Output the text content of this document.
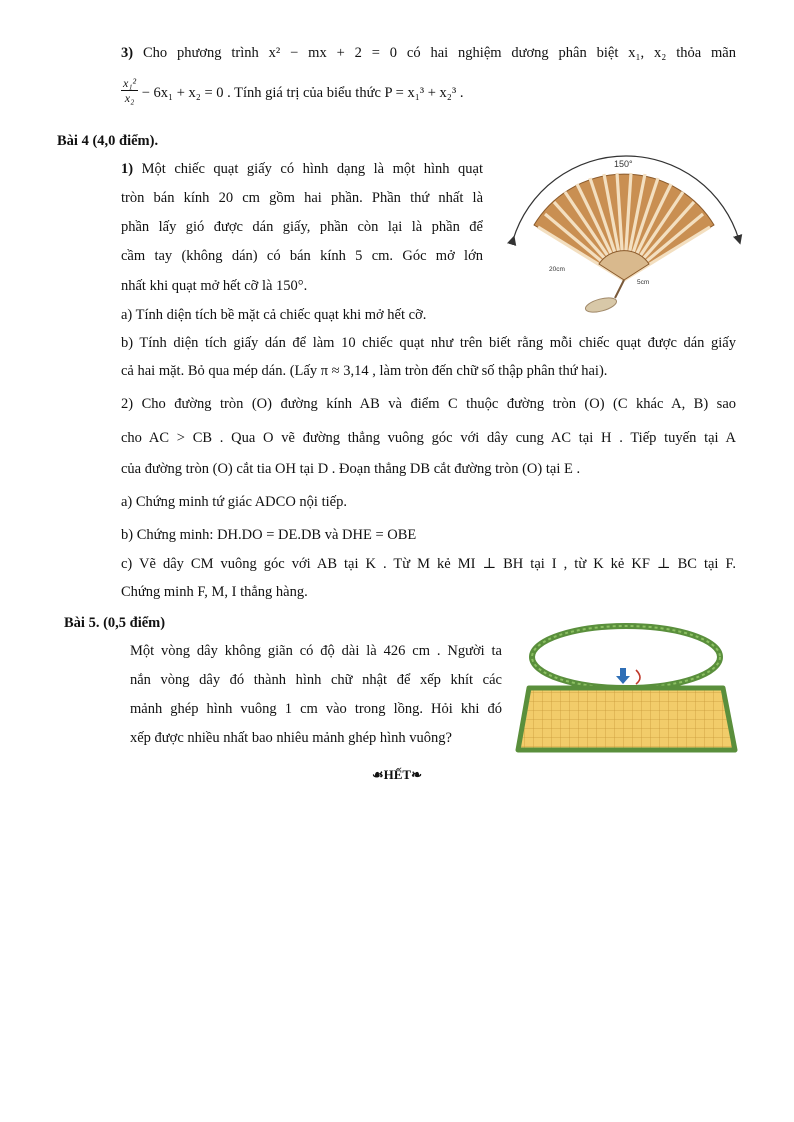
3) Cho phương trình x² − mx + 2 = 0 có hai nghiệm dương phân biệt x₁, x₂ thỏa mãn
$\frac{\text{x₁²}}{\text{x₂}} - 6x_1 + x_2 = 0$ . Tính giá trị của biểu thức P = x₁³ + x₂³ .
Bài 4 (4,0 điểm).
1) Một chiếc quạt giấy có hình dạng là một hình quạt
tròn bán kính 20 cm gồm hai phần. Phần thứ nhất là
phần lấy gió được dán giấy, phần còn lại là phần để
cầm tay (không dán) có bán kính 5 cm. Góc mở lớn
nhất khi quạt mở hết cỡ là 150°.
150°
20cm
5cm
a) Tính diện tích bề mặt cả chiếc quạt khi mở hết cỡ.
b) Tính diện tích giấy dán để làm 10 chiếc quạt như trên biết rằng mỗi chiếc quạt được dán giấy
cả hai mặt. Bỏ qua mép dán. (Lấy π ≈ 3,14 , làm tròn đến chữ số thập phân thứ hai).
2) Cho đường tròn (O) đường kính AB và điểm C thuộc đường tròn (O) (C khác A, B) sao
cho AC > CB . Qua O vẽ đường thẳng vuông góc với dây cung AC tại H . Tiếp tuyến tại A
của đường tròn (O) cắt tia OH tại D . Đoạn thẳng DB cắt đường tròn (O) tại E .
a) Chứng minh tứ giác ADCO nội tiếp.
b) Chứng minh: DH.DO = DE.DB và DHE = OBE
c) Vẽ dây CM vuông góc với AB tại K . Từ M kẻ MI ⊥ BH tại I , từ K kẻ KF ⊥ BC tại F.
Chứng minh F, M, I thẳng hàng.
Bài 5. (0,5 điểm)
Một vòng dây không giãn có độ dài là 426 cm . Người ta
nắn vòng dây đó thành hình chữ nhật để xếp khít các
mảnh ghép hình vuông 1 cm vào trong lồng. Hỏi khi đó
xếp được nhiều nhất bao nhiêu mảnh ghép hình vuông?
☙HẾT❧
